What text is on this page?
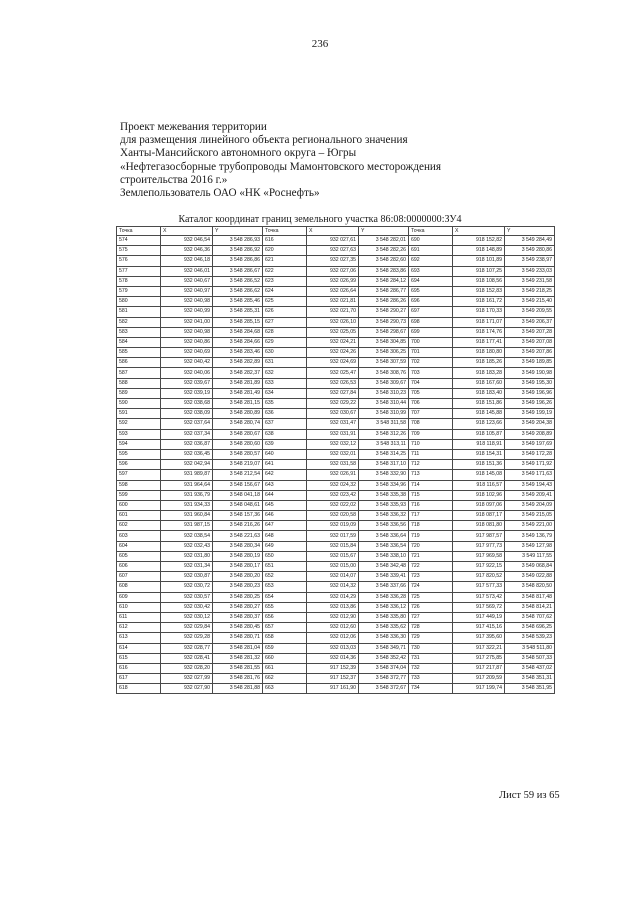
236
Проект межевания территории
для размещения линейного объекта регионального значения
Ханты-Мансийского автономного округа – Югры
«Нефтегазосборные трубопроводы Мамонтовского месторождения
строительства 2016 г.»
Землепользователь ОАО «НК «Роснефть»
Каталог координат границ земельного участка 86:08:0000000:ЗУ4
Точка	X	Y	Точка	X	Y	Точка	X	Y
574	932 046,54	3 548 286,93	616	932 027,61	3 548 282,01	690	918 152,82	3 549 284,49
575	932 046,36	3 548 286,92	620	932 027,63	3 548 282,26	691	918 148,89	3 549 280,86
576	932 046,18	3 548 286,86	621	932 027,35	3 548 282,60	692	918 101,89	3 549 238,97
577	932 046,01	3 548 286,67	622	932 027,06	3 548 283,86	693	918 107,25	3 549 233,03
578	932 040,67	3 548 286,52	623	932 026,99	3 548 284,12	694	918 108,56	3 549 231,58
579	932 040,97	3 548 286,62	624	932 026,64	3 548 286,77	695	918 152,83	3 549 218,25
580	932 040,98	3 548 285,46	625	932 021,81	3 548 286,26	696	918 161,72	3 549 215,40
581	932 040,99	3 548 285,31	626	932 021,70	3 548 290,27	697	918 170,33	3 549 209,55
582	932 041,00	3 548 285,15	627	932 026,10	3 548 290,73	698	918 171,07	3 549 206,37
583	932 040,98	3 548 284,68	628	932 025,05	3 548 298,67	699	918 174,76	3 549 207,28
584	932 040,86	3 548 284,66	629	932 024,21	3 548 304,85	700	918 177,41	3 549 207,08
585	932 040,69	3 548 283,46	630	932 024,26	3 548 306,25	701	918 180,80	3 549 207,86
586	932 040,42	3 548 282,89	631	932 024,69	3 548 307,59	702	918 185,26	3 549 189,85
587	932 040,06	3 548 282,37	632	932 025,47	3 548 308,76	703	918 183,28	3 549 190,98
588	932 039,67	3 548 281,89	633	932 026,53	3 548 309,67	704	918 167,60	3 549 195,30
589	932 039,19	3 548 281,49	634	932 027,84	3 548 310,23	705	918 183,40	3 549 196,96
590	932 038,68	3 548 281,15	635	932 029,22	3 548 310,44	706	918 151,86	3 549 196,26
591	932 038,09	3 548 280,89	636	932 030,67	3 548 310,99	707	918 145,88	3 549 199,19
592	932 037,64	3 548 280,74	637	932 031,47	3 548 311,58	708	918 123,66	3 549 204,38
593	932 037,34	3 548 280,67	638	932 031,91	3 548 312,26	709	918 105,87	3 549 208,89
594	932 036,87	3 548 280,60	639	932 032,12	3 548 313,11	710	918 118,91	3 549 197,69
595	932 036,45	3 548 280,57	640	932 032,01	3 548 314,25	711	918 154,31	3 549 172,28
596	932 042,94	3 548 219,07	641	932 031,58	3 548 317,10	712	918 151,36	3 549 171,92
597	931 989,87	3 548 212,54	642	932 026,91	3 548 332,90	713	918 145,08	3 549 171,63
598	931 964,64	3 548 156,67	643	932 024,32	3 548 334,96	714	918 116,57	3 549 194,43
599	931 936,79	3 548 041,18	644	932 023,42	3 548 335,38	715	918 102,96	3 549 209,41
600	931 934,33	3 548 048,61	645	932 022,02	3 548 335,93	716	918 097,06	3 549 204,09
601	931 960,84	3 548 157,36	646	932 020,58	3 548 336,32	717	918 087,17	3 549 215,05
602	931 987,15	3 548 216,26	647	932 019,09	3 548 336,56	718	918 081,80	3 549 221,00
603	932 038,54	3 548 221,63	648	932 017,59	3 548 336,64	719	917 987,57	3 549 136,79
604	932 032,43	3 548 280,34	649	932 015,84	3 548 336,54	720	917 977,73	3 549 127,98
605	932 031,80	3 548 280,19	650	932 015,67	3 548 338,10	721	917 969,58	3 549 117,55
606	932 031,34	3 548 280,17	651	932 015,00	3 548 342,48	722	917 922,15	3 549 068,84
607	932 030,87	3 548 280,20	652	932 014,07	3 548 339,41	723	917 820,52	3 549 022,88
608	932 030,72	3 548 280,23	653	932 014,32	3 548 337,66	724	917 577,33	3 548 820,50
609	932 030,57	3 548 280,25	654	932 014,29	3 548 336,28	725	917 573,42	3 548 817,48
610	932 030,42	3 548 280,27	655	932 013,86	3 548 336,12	726	917 569,72	3 548 814,21
611	932 030,12	3 548 280,37	656	932 012,90	3 548 335,80	727	917 449,19	3 548 707,62
612	932 029,84	3 548 280,45	657	932 012,60	3 548 335,62	728	917 415,16	3 548 696,25
613	932 029,28	3 548 280,71	658	932 012,06	3 548 336,30	729	917 395,60	3 548 539,23
614	932 028,77	3 548 281,04	659	932 013,03	3 548 349,71	730	917 322,21	3 548 511,80
615	932 028,41	3 548 281,32	660	932 014,36	3 548 352,42	731	917 275,85	3 548 507,33
616	932 028,20	3 548 281,55	661	917 152,39	3 548 374,04	732	917 217,87	3 548 437,02
617	932 027,99	3 548 281,76	662	917 152,37	3 548 372,77	733	917 209,59	3 548 351,31
618	932 027,90	3 548 281,88	663	917 161,90	3 548 372,67	734	917 199,74	3 548 351,95
Лист 59 из 65
